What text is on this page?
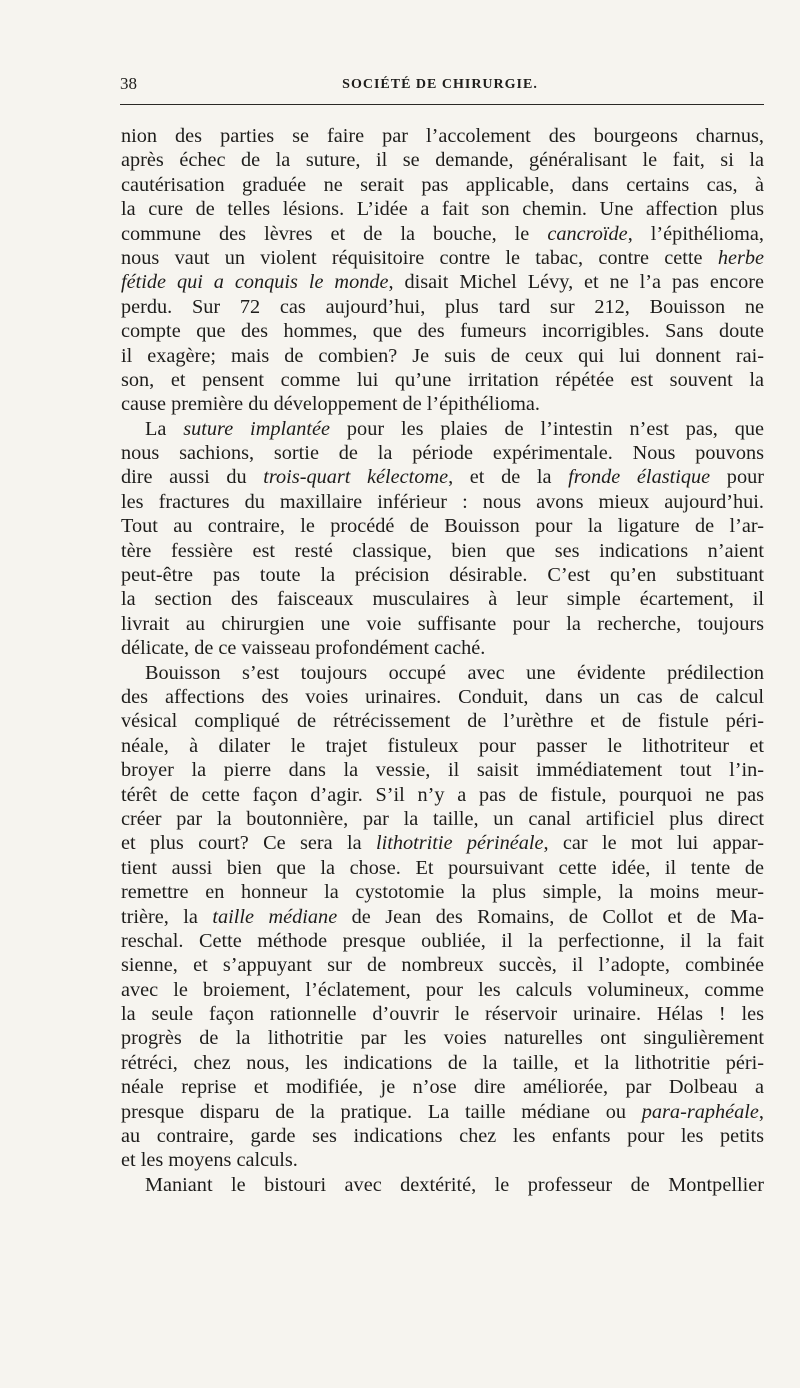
38	SOCIÉTÉ DE CHIRURGIE.
nion des parties se faire par l’accolement des bourgeons charnus,
après échec de la suture, il se demande, généralisant le fait, si la
cautérisation graduée ne serait pas applicable, dans certains cas, à
la cure de telles lésions. L’idée a fait son chemin. Une affection plus
commune des lèvres et de la bouche, le cancroïde, l’épithélioma,
nous vaut un violent réquisitoire contre le tabac, contre cette herbe
fétide qui a conquis le monde, disait Michel Lévy, et ne l’a pas encore
perdu. Sur 72 cas aujourd’hui, plus tard sur 212, Bouisson ne
compte que des hommes, que des fumeurs incorrigibles. Sans doute
il exagère; mais de combien? Je suis de ceux qui lui donnent rai-
son, et pensent comme lui qu’une irritation répétée est souvent la
cause première du développement de l’épithélioma.
La suture implantée pour les plaies de l’intestin n’est pas, que
nous sachions, sortie de la période expérimentale. Nous pouvons
dire aussi du trois-quart kélectome, et de la fronde élastique pour
les fractures du maxillaire inférieur : nous avons mieux aujourd’hui.
Tout au contraire, le procédé de Bouisson pour la ligature de l’ar-
tère fessière est resté classique, bien que ses indications n’aient
peut-être pas toute la précision désirable. C’est qu’en substituant
la section des faisceaux musculaires à leur simple écartement, il
livrait au chirurgien une voie suffisante pour la recherche, toujours
délicate, de ce vaisseau profondément caché.
Bouisson s’est toujours occupé avec une évidente prédilection
des affections des voies urinaires. Conduit, dans un cas de calcul
vésical compliqué de rétrécissement de l’urèthre et de fistule péri-
néale, à dilater le trajet fistuleux pour passer le lithotriteur et
broyer la pierre dans la vessie, il saisit immédiatement tout l’in-
térêt de cette façon d’agir. S’il n’y a pas de fistule, pourquoi ne pas
créer par la boutonnière, par la taille, un canal artificiel plus direct
et plus court? Ce sera la lithotritie périnéale, car le mot lui appar-
tient aussi bien que la chose. Et poursuivant cette idée, il tente de
remettre en honneur la cystotomie la plus simple, la moins meur-
trière, la taille médiane de Jean des Romains, de Collot et de Ma-
reschal. Cette méthode presque oubliée, il la perfectionne, il la fait
sienne, et s’appuyant sur de nombreux succès, il l’adopte, combinée
avec le broiement, l’éclatement, pour les calculs volumineux, comme
la seule façon rationnelle d’ouvrir le réservoir urinaire. Hélas ! les
progrès de la lithotritie par les voies naturelles ont singulièrement
rétréci, chez nous, les indications de la taille, et la lithotritie péri-
néale reprise et modifiée, je n’ose dire améliorée, par Dolbeau a
presque disparu de la pratique. La taille médiane ou para-raphéale,
au contraire, garde ses indications chez les enfants pour les petits
et les moyens calculs.
Maniant le bistouri avec dextérité, le professeur de Montpellier
